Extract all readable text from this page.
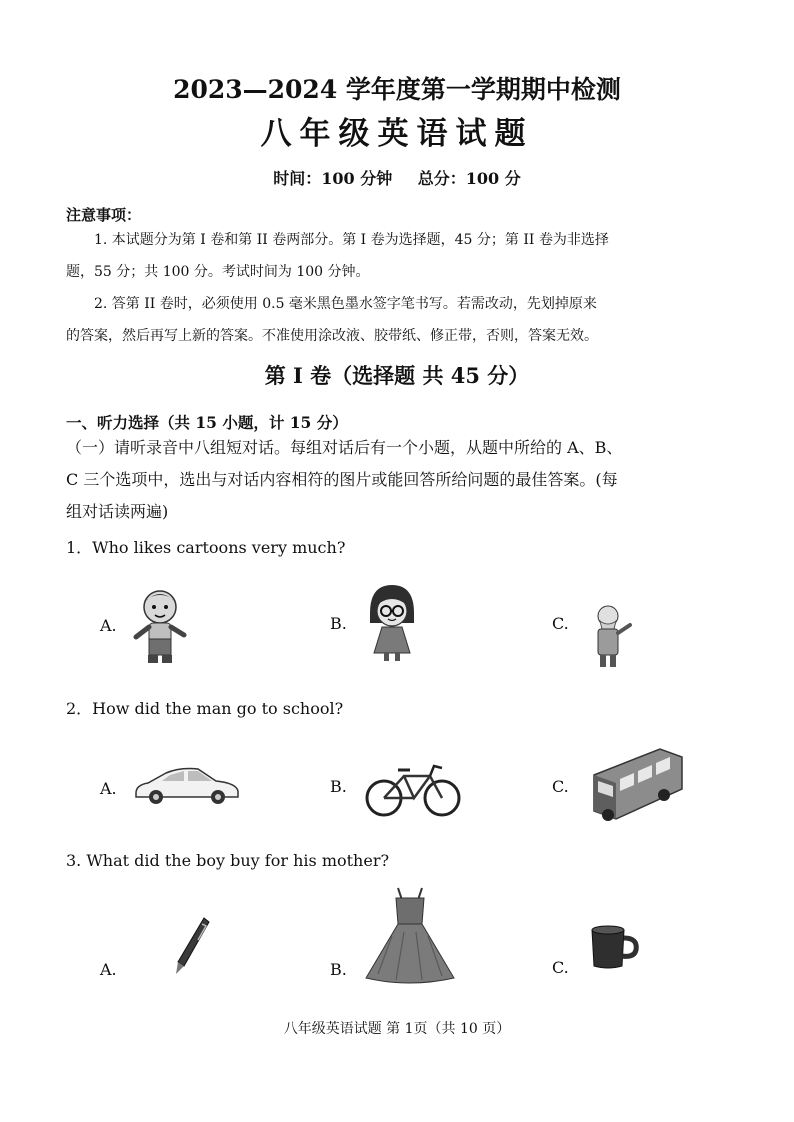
2023—2024 学年度第一学期期中检测
八年级英语试题
时间：100 分钟 总分：100 分
注意事项：
1. 本试题分为第 I 卷和第 II 卷两部分。第 I 卷为选择题，45 分；第 II 卷为非选择
题，55 分；共 100 分。考试时间为 100 分钟。
2. 答第 II 卷时，必须使用 0.5 毫米黑色墨水签字笔书写。若需改动，先划掉原来
的答案，然后再写上新的答案。不准使用涂改液、胶带纸、修正带，否则，答案无效。
第 I 卷（选择题 共 45 分）
一、听力选择（共 15 小题，计 15 分）
（一）请听录音中八组短对话。每组对话后有一个小题，从题中所给的 A、B、
C 三个选项中，选出与对话内容相符的图片或能回答所给问题的最佳答案。(每
组对话读两遍)
1．Who likes cartoons very much?
A.	B.	C.
2．How did the man go to school?
A.	B.	C.
3. What did the boy buy for his mother?
A.	B.	C.
八年级英语试题 第 1页（共 10 页）
